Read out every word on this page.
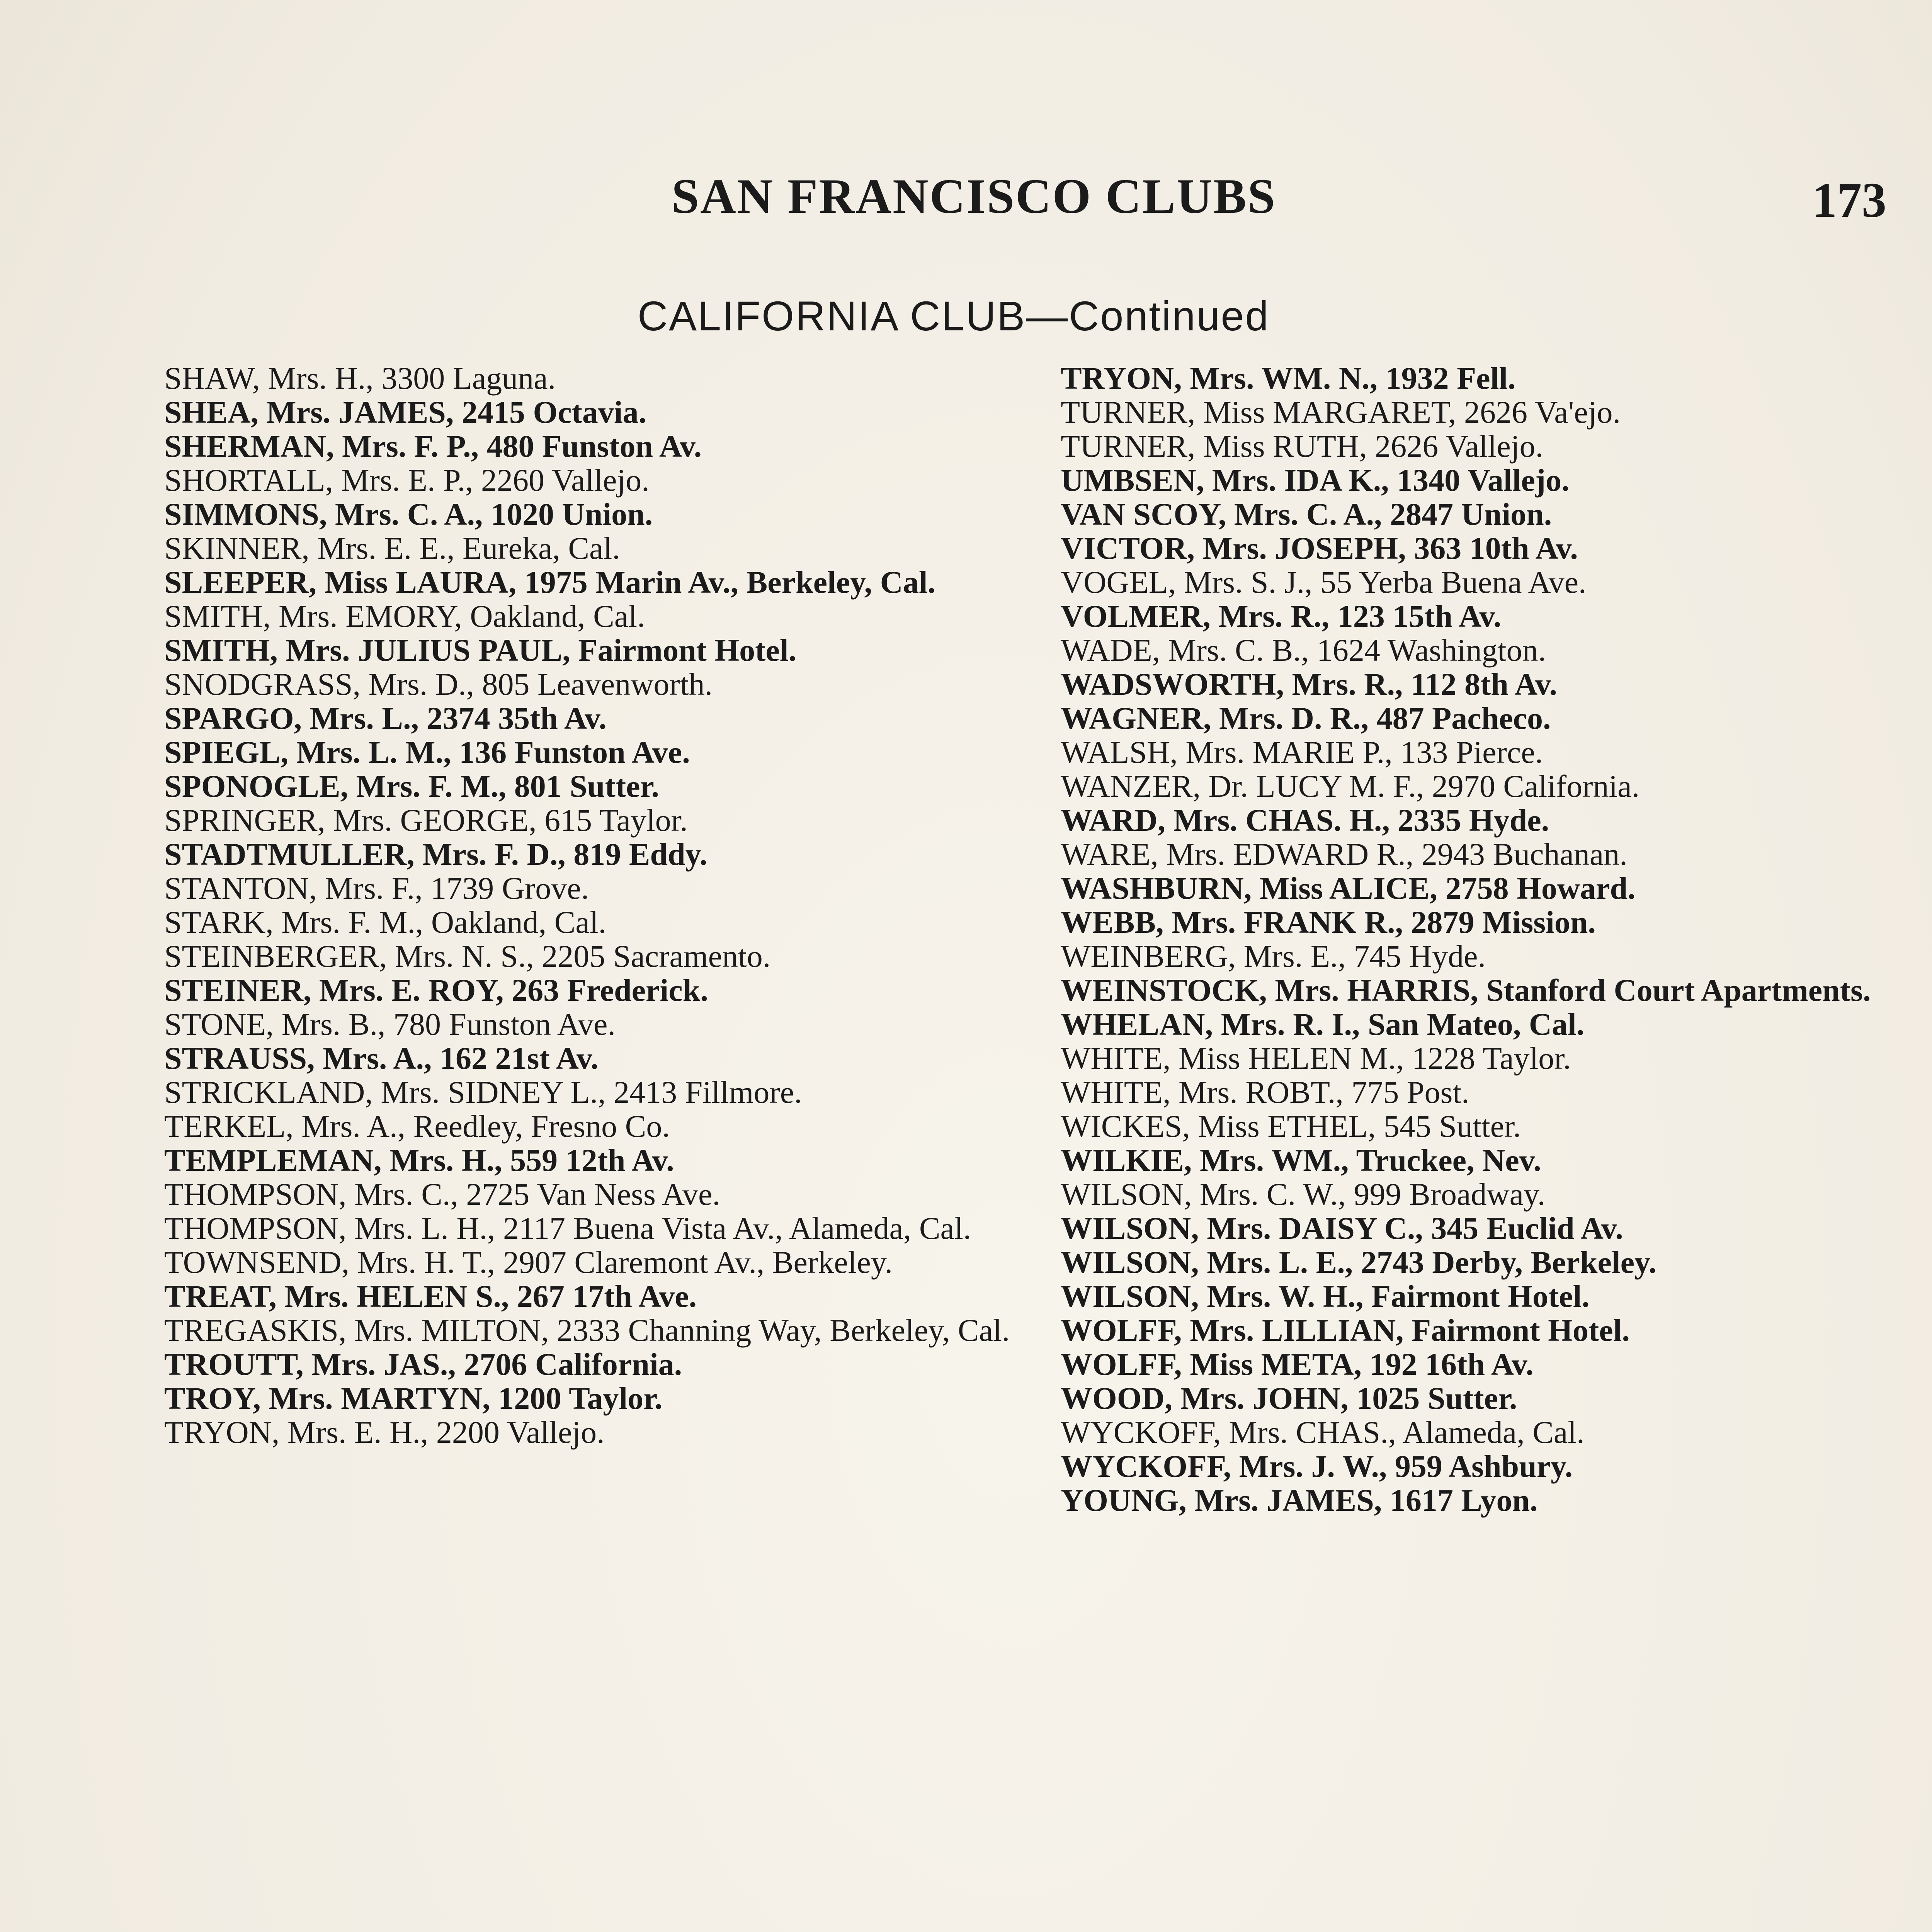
SAN FRANCISCO CLUBS	173
CALIFORNIA CLUB—Continued

SHAW, Mrs. H., 3300 Laguna.

SHEA, Mrs. JAMES, 2415 Octavia.

SHERMAN, Mrs. F. P., 480 Funston Av.

SHORTALL, Mrs. E. P., 2260 Vallejo.

SIMMONS, Mrs. C. A., 1020 Union.

SKINNER, Mrs. E. E., Eureka, Cal.

SLEEPER, Miss LAURA, 1975 Marin Av., Berkeley, Cal.

SMITH, Mrs. EMORY, Oakland, Cal.

SMITH, Mrs. JULIUS PAUL, Fairmont Hotel.

SNODGRASS, Mrs. D., 805 Leavenworth.

SPARGO, Mrs. L., 2374 35th Av.

SPIEGL, Mrs. L. M., 136 Funston Ave.

SPONOGLE, Mrs. F. M., 801 Sutter.

SPRINGER, Mrs. GEORGE, 615 Taylor.

STADTMULLER, Mrs. F. D., 819 Eddy.

STANTON, Mrs. F., 1739 Grove.

STARK, Mrs. F. M., Oakland, Cal.

STEINBERGER, Mrs. N. S., 2205 Sacramento.

STEINER, Mrs. E. ROY, 263 Frederick.

STONE, Mrs. B., 780 Funston Ave.

STRAUSS, Mrs. A., 162 21st Av.

STRICKLAND, Mrs. SIDNEY L., 2413 Fillmore.

TERKEL, Mrs. A., Reedley, Fresno Co.

TEMPLEMAN, Mrs. H., 559 12th Av.

THOMPSON, Mrs. C., 2725 Van Ness Ave.

THOMPSON, Mrs. L. H., 2117 Buena Vista Av., Alameda, Cal.

TOWNSEND, Mrs. H. T., 2907 Claremont Av., Berkeley.

TREAT, Mrs. HELEN S., 267 17th Ave.

TREGASKIS, Mrs. MILTON, 2333 Channing Way, Berkeley, Cal.

TROUTT, Mrs. JAS., 2706 California.

TROY, Mrs. MARTYN, 1200 Taylor.

TRYON, Mrs. E. H., 2200 Vallejo.

TRYON, Mrs. WM. N., 1932 Fell.

TURNER, Miss MARGARET, 2626 Va'ejo.

TURNER, Miss RUTH, 2626 Vallejo.

UMBSEN, Mrs. IDA K., 1340 Vallejo.

VAN SCOY, Mrs. C. A., 2847 Union.

VICTOR, Mrs. JOSEPH, 363 10th Av.

VOGEL, Mrs. S. J., 55 Yerba Buena Ave.

VOLMER, Mrs. R., 123 15th Av.

WADE, Mrs. C. B., 1624 Washington.

WADSWORTH, Mrs. R., 112 8th Av.

WAGNER, Mrs. D. R., 487 Pacheco.

WALSH, Mrs. MARIE P., 133 Pierce.

WANZER, Dr. LUCY M. F., 2970 California.

WARD, Mrs. CHAS. H., 2335 Hyde.

WARE, Mrs. EDWARD R., 2943 Buchanan.

WASHBURN, Miss ALICE, 2758 Howard.

WEBB, Mrs. FRANK R., 2879 Mission.

WEINBERG, Mrs. E., 745 Hyde.

WEINSTOCK, Mrs. HARRIS, Stanford Court Apartments.

WHELAN, Mrs. R. I., San Mateo, Cal.

WHITE, Miss HELEN M., 1228 Taylor.

WHITE, Mrs. ROBT., 775 Post.

WICKES, Miss ETHEL, 545 Sutter.

WILKIE, Mrs. WM., Truckee, Nev.

WILSON, Mrs. C. W., 999 Broadway.

WILSON, Mrs. DAISY C., 345 Euclid Av.

WILSON, Mrs. L. E., 2743 Derby, Berkeley.

WILSON, Mrs. W. H., Fairmont Hotel.

WOLFF, Mrs. LILLIAN, Fairmont Hotel.

WOLFF, Miss META, 192 16th Av.

WOOD, Mrs. JOHN, 1025 Sutter.

WYCKOFF, Mrs. CHAS., Alameda, Cal.

WYCKOFF, Mrs. J. W., 959 Ashbury.

YOUNG, Mrs. JAMES, 1617 Lyon.
